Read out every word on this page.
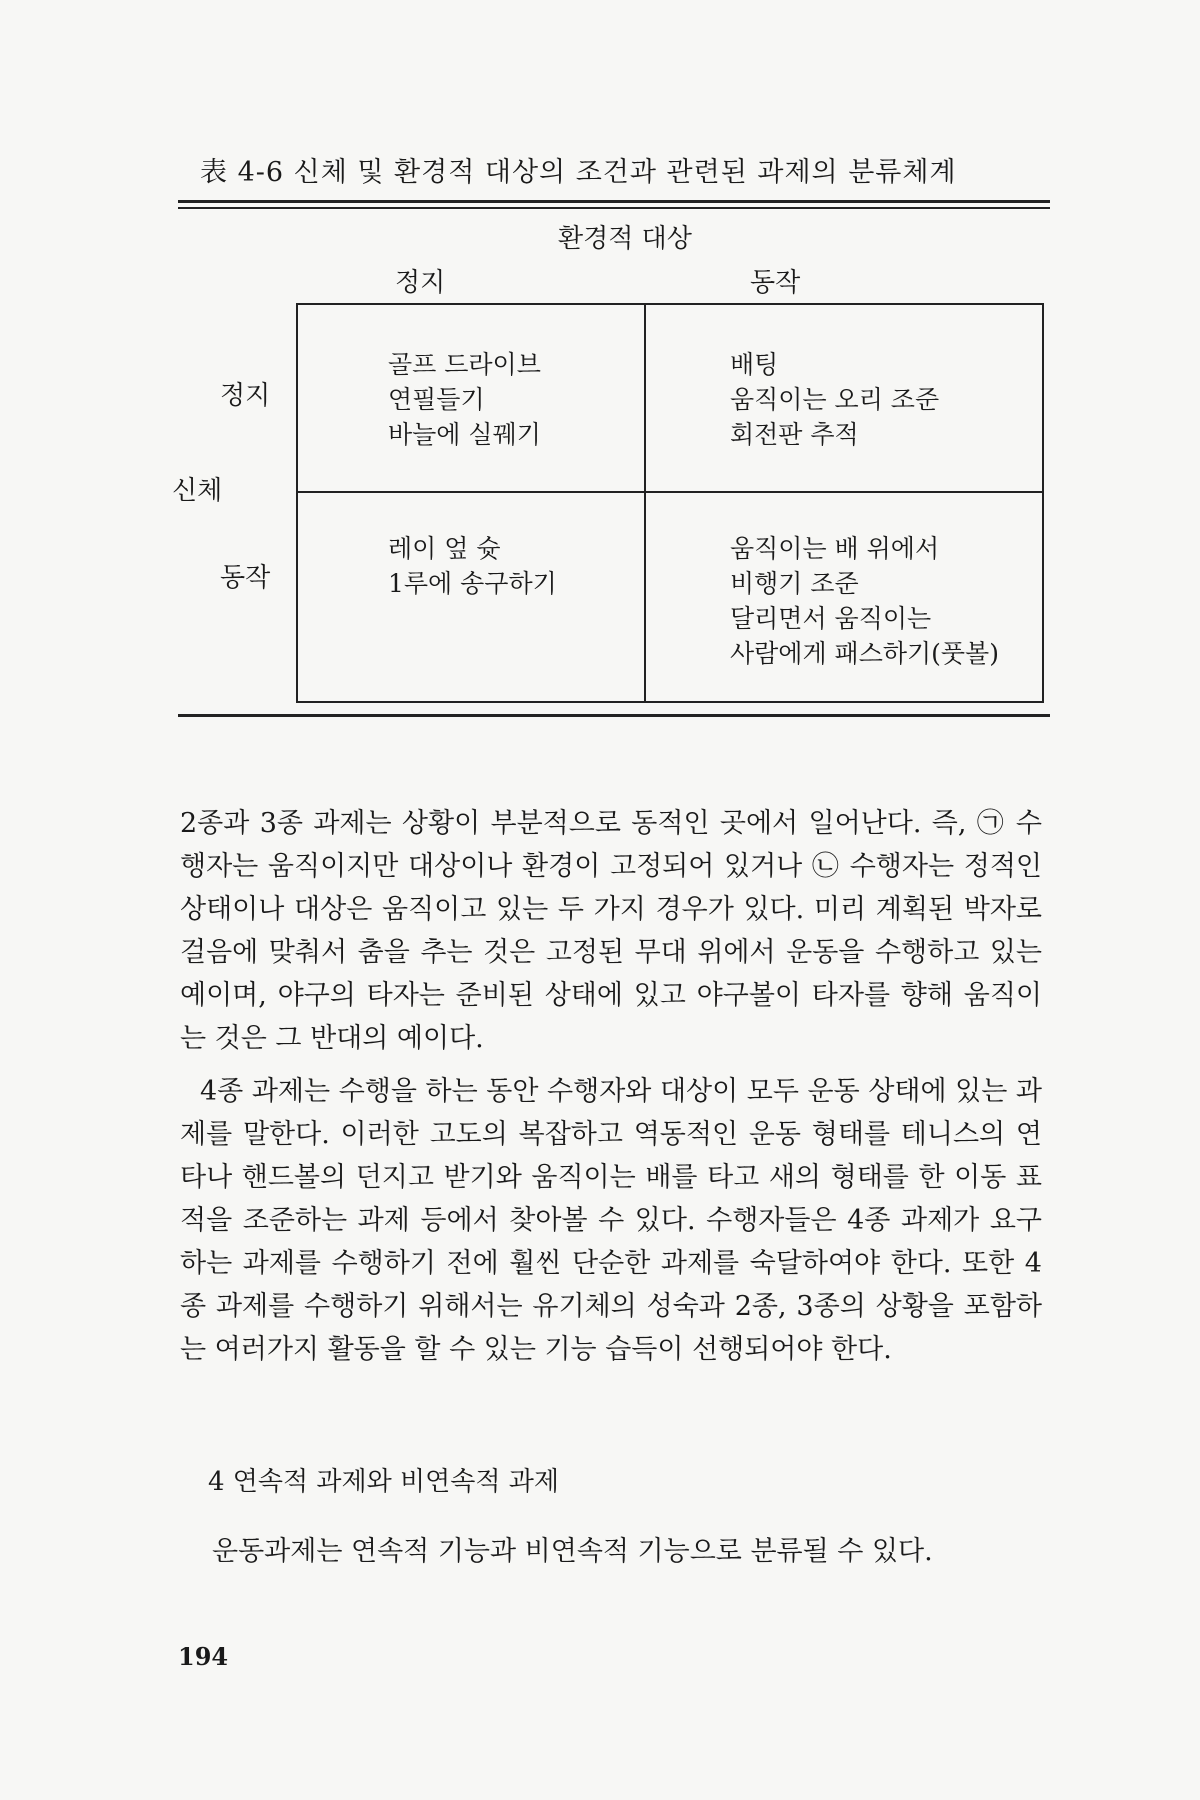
表 4-6 신체 및 환경적 대상의 조건과 관련된 과제의 분류체계
환경적 대상
정지	동작
신체
정지
동작
골프 드라이브
연필들기
바늘에 실꿰기
배팅
움직이는 오리 조준
회전판 추적
레이 엎 슛
1루에 송구하기
움직이는 배 위에서
비행기 조준
달리면서 움직이는
사람에게 패스하기(풋볼)

2종과 3종 과제는 상황이 부분적으로 동적인 곳에서 일어난다. 즉, ㉠ 수행자는 움직이지만 대상이나 환경이 고정되어 있거나 ㉡ 수행자는 정적인 상태이나 대상은 움직이고 있는 두 가지 경우가 있다. 미리 계획된 박자로 걸음에 맞춰서 춤을 추는 것은 고정된 무대 위에서 운동을 수행하고 있는 예이며, 야구의 타자는 준비된 상태에 있고 야구볼이 타자를 향해 움직이는 것은 그 반대의 예이다.

4종 과제는 수행을 하는 동안 수행자와 대상이 모두 운동 상태에 있는 과제를 말한다. 이러한 고도의 복잡하고 역동적인 운동 형태를 테니스의 연타나 핸드볼의 던지고 받기와 움직이는 배를 타고 새의 형태를 한 이동 표적을 조준하는 과제 등에서 찾아볼 수 있다. 수행자들은 4종 과제가 요구하는 과제를 수행하기 전에 훨씬 단순한 과제를 숙달하여야 한다. 또한 4종 과제를 수행하기 위해서는 유기체의 성숙과 2종, 3종의 상황을 포함하는 여러가지 활동을 할 수 있는 기능 습득이 선행되어야 한다.

4 연속적 과제와 비연속적 과제

운동과제는 연속적 기능과 비연속적 기능으로 분류될 수 있다.

194
